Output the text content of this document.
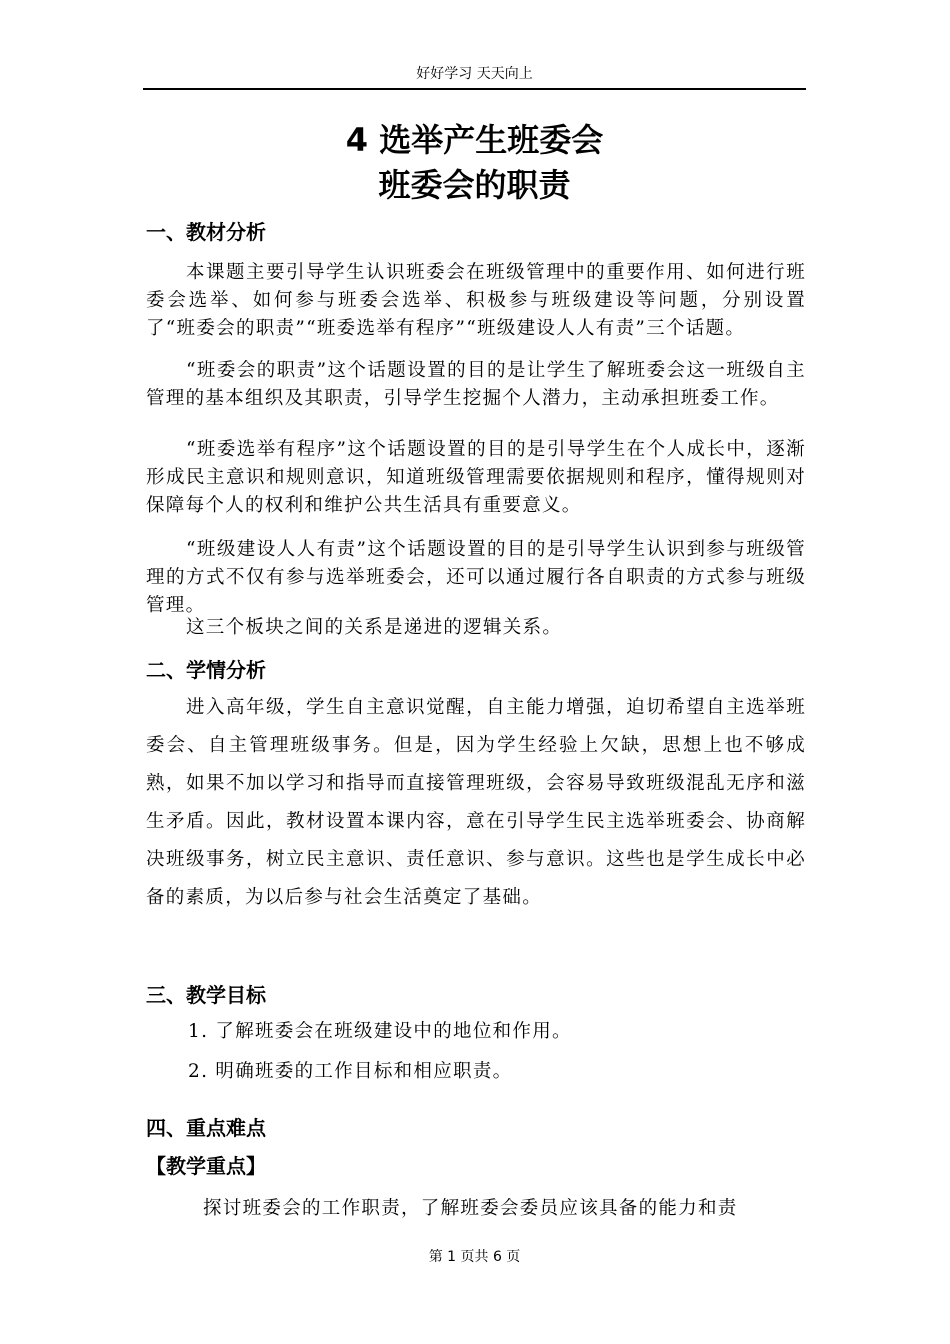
好好学习 天天向上
4 选举产生班委会
班委会的职责
一、教材分析

本课题主要引导学生认识班委会在班级管理中的重要作用、如何进行班委会选举、如何参与班委会选举、积极参与班级建设等问题，分别设置了“班委会的职责”“班委选举有程序”“班级建设人人有责”三个话题。

“班委会的职责”这个话题设置的目的是让学生了解班委会这一班级自主管理的基本组织及其职责，引导学生挖掘个人潜力，主动承担班委工作。

“班委选举有程序”这个话题设置的目的是引导学生在个人成长中，逐渐形成民主意识和规则意识，知道班级管理需要依据规则和程序，懂得规则对保障每个人的权利和维护公共生活具有重要意义。

“班级建设人人有责”这个话题设置的目的是引导学生认识到参与班级管理的方式不仅有参与选举班委会，还可以通过履行各自职责的方式参与班级管理。

这三个板块之间的关系是递进的逻辑关系。

二、学情分析

进入高年级，学生自主意识觉醒，自主能力增强，迫切希望自主选举班委会、自主管理班级事务。但是，因为学生经验上欠缺，思想上也不够成熟，如果不加以学习和指导而直接管理班级，会容易导致班级混乱无序和滋生矛盾。因此，教材设置本课内容，意在引导学生民主选举班委会、协商解决班级事务，树立民主意识、责任意识、参与意识。这些也是学生成长中必备的素质，为以后参与社会生活奠定了基础。

三、教学目标
1. 了解班委会在班级建设中的地位和作用。
2. 明确班委的工作目标和相应职责。
四、重点难点
【教学重点】

探讨班委会的工作职责，了解班委会委员应该具备的能力和责

第 1 页共 6 页
